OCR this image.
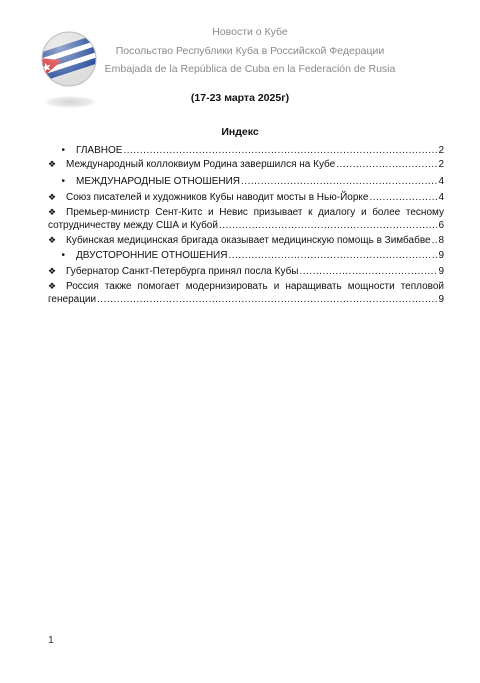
Новости о Кубе
Посольство Республики Куба в Российской Федерации
Embajada de la República de Cuba en la Federación de Rusia
(17-23 марта 2025г)
Индекс
•	ГЛАВНОЕ .....	2
❖ Международный коллоквиум Родина завершился на Кубе .....	2
•	МЕЖДУНАРОДНЫЕ ОТНОШЕНИЯ .....	4
❖ Союз писателей и художников Кубы наводит мосты в Нью-Йорке .....	4
❖ Премьер-министр Сент-Китс и Невис призывает к диалогу и более тесному
сотрудничеству между США и Кубой .....	6
❖ Кубинская медицинская бригада оказывает медицинскую помощь в Зимбабве ..... 8
•	ДВУСТОРОННИЕ ОТНОШЕНИЯ .....	9
❖ Губернатор Санкт-Петербурга принял посла Кубы .....	9
❖ Россия также помогает модернизировать и наращивать мощности тепловой
генерации .....	9
1
